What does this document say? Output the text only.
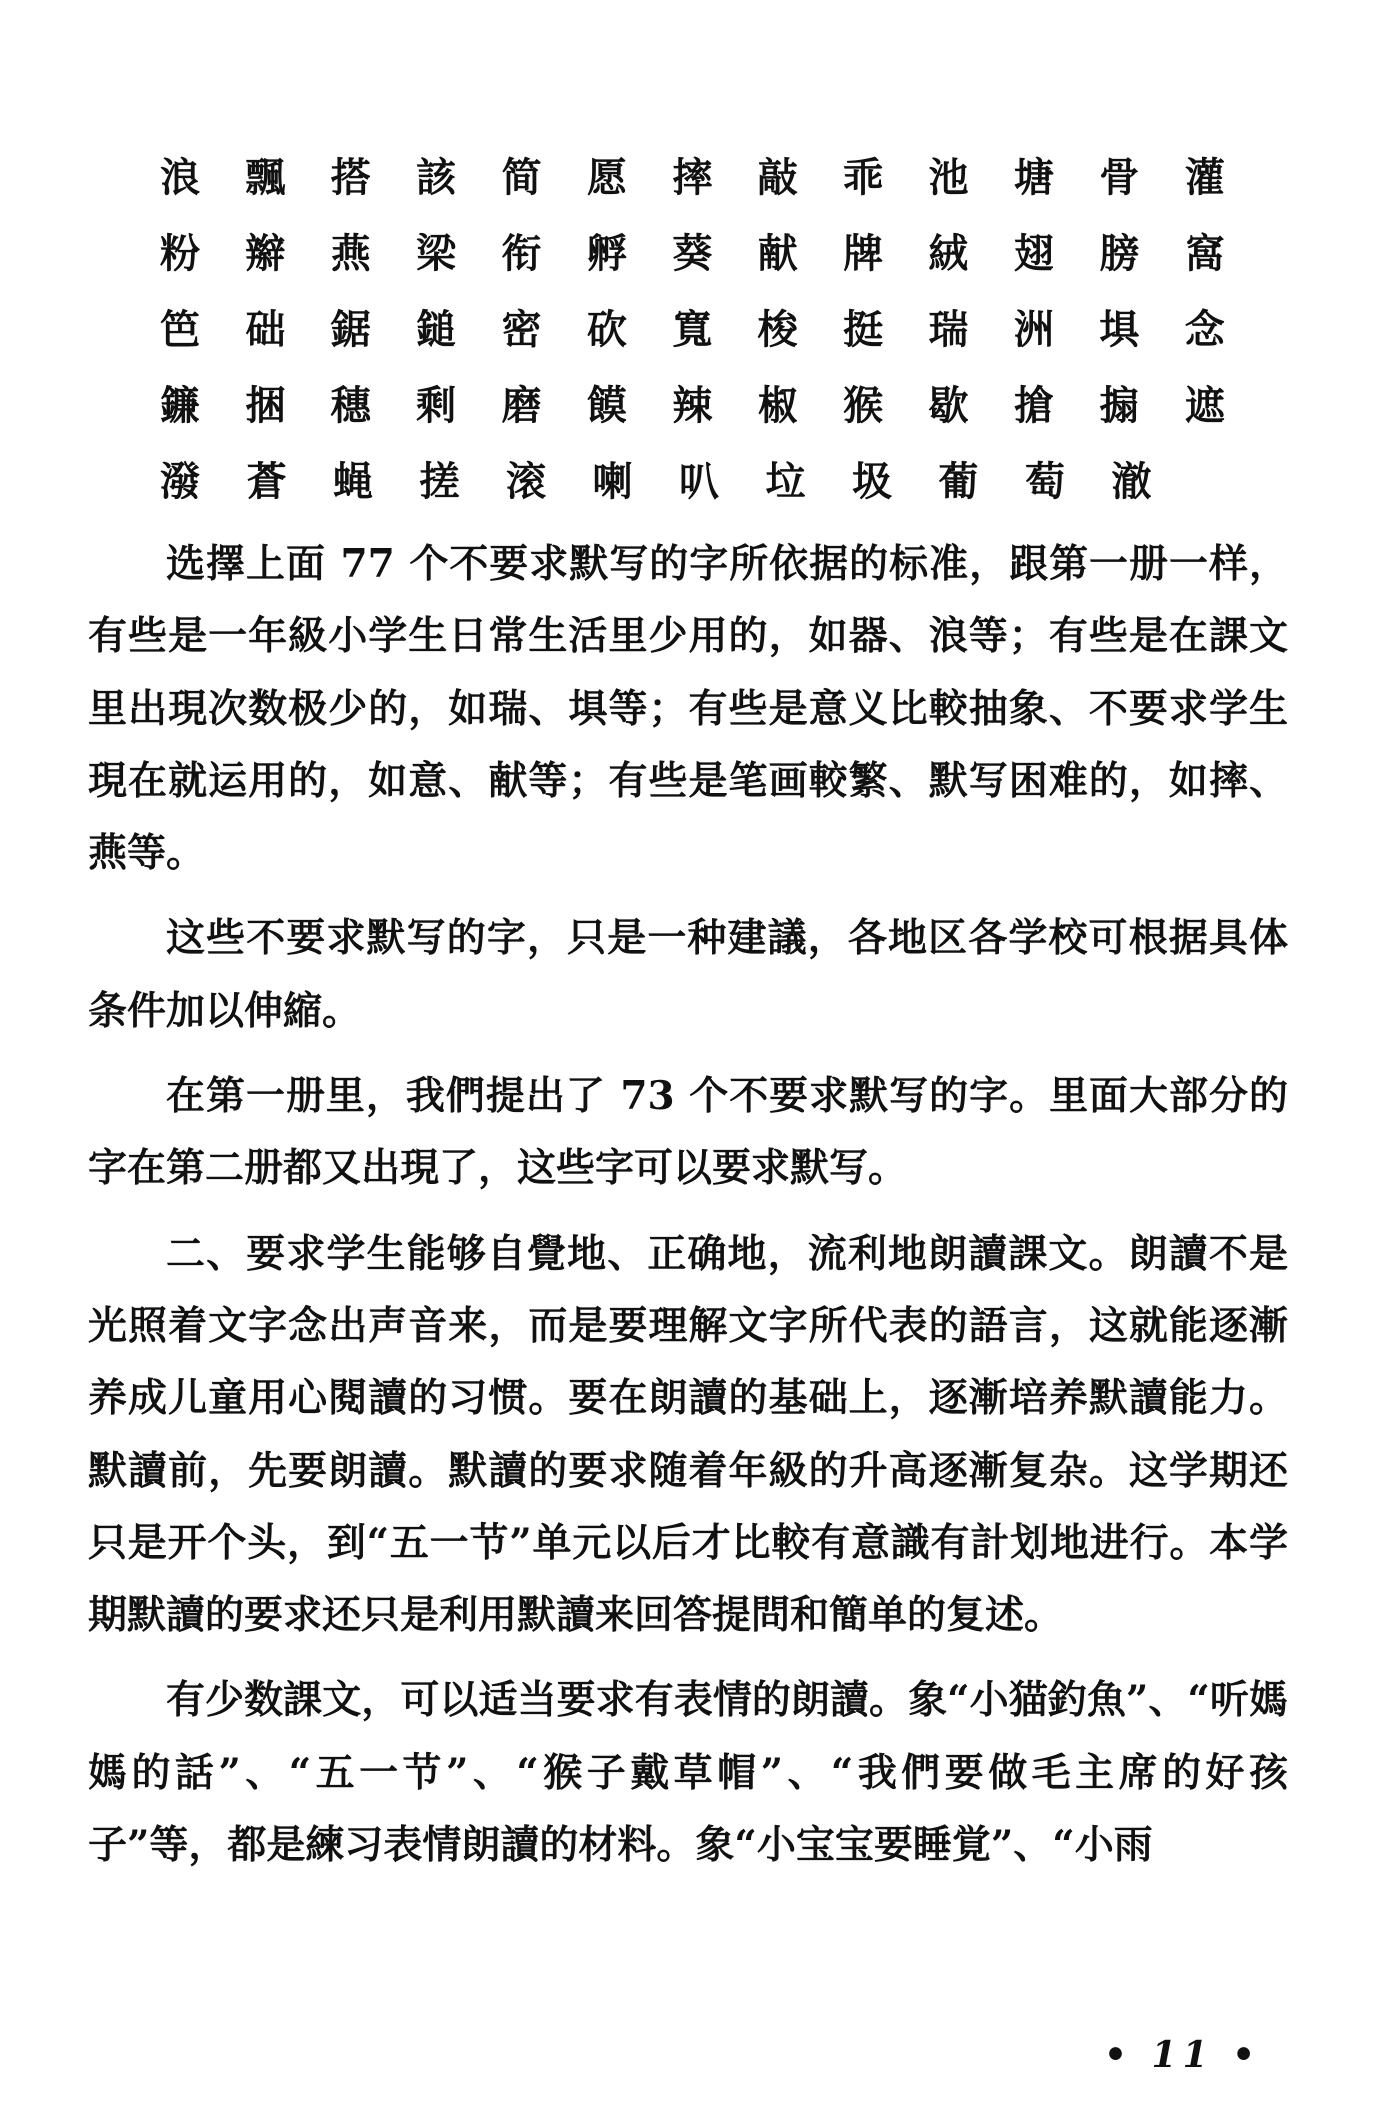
浪	飄	搭	該	简	愿	摔	敲	乖	池	塘	骨	灌
粉	辮	燕	梁	衔	孵	葵	献	牌	絨	翅	膀	窩
笆	础	鋸	鎚	密	砍	寬	梭	挺	瑞	洲	埧	念
鐮	捆	穗	剩	磨	饃	辣	椒	猴	歇	搶	搧	遮
潑	蒼	蝇	搓	滚	喇	叭	垃	圾	葡	萄	澈

选擇上面 77 个不要求默写的字所依据的标准，跟第一册一样，有些是一年級小学生日常生活里少用的，如器、浪等；有些是在課文里出現次数极少的，如瑞、埧等；有些是意义比較抽象、不要求学生現在就运用的，如意、献等；有些是笔画較繁、默写困难的，如摔、燕等。

这些不要求默写的字，只是一种建議，各地区各学校可根据具体条件加以伸縮。

在第一册里，我們提出了 73 个不要求默写的字。里面大部分的字在第二册都又出現了，这些字可以要求默写。

二、要求学生能够自覺地、正确地，流利地朗讀課文。朗讀不是光照着文字念出声音来，而是要理解文字所代表的語言，这就能逐漸养成儿童用心閱讀的习惯。要在朗讀的基础上，逐漸培养默讀能力。默讀前，先要朗讀。默讀的要求随着年級的升高逐漸复杂。这学期还只是开个头，到“五一节”单元以后才比較有意識有計划地进行。本学期默讀的要求还只是利用默讀来回答提問和簡单的复述。

有少数課文，可以适当要求有表情的朗讀。象“小猫釣魚”、“听媽媽的話”、“五一节”、“猴子戴草帽”、“我們要做毛主席的好孩子”等，都是練习表情朗讀的材料。象“小宝宝要睡覚”、“小雨

• 11 •
